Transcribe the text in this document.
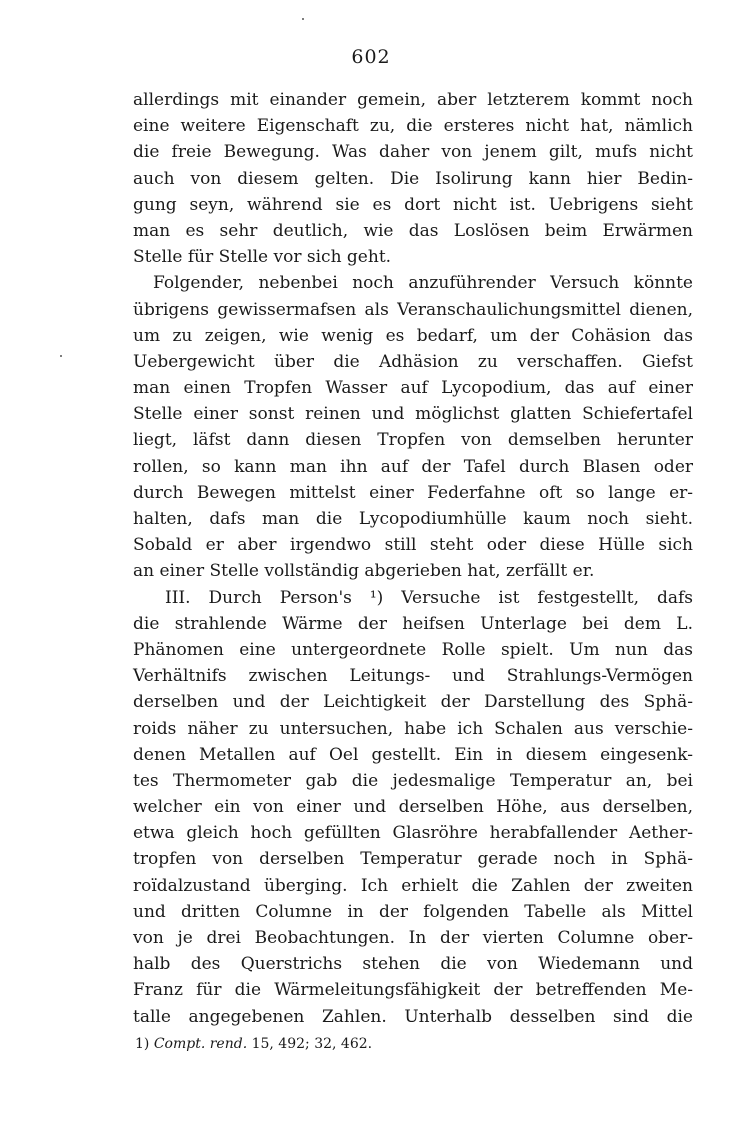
602
allerdings mit einander gemein, aber letzterem kommt noch
eine weitere Eigenschaft zu, die ersteres nicht hat, nämlich
die freie Bewegung. Was daher von jenem gilt, mufs nicht
auch von diesem gelten. Die Isolirung kann hier Bedin-
gung seyn, während sie es dort nicht ist. Uebrigens sieht
man es sehr deutlich, wie das Loslösen beim Erwärmen
Stelle für Stelle vor sich geht.
Folgender, nebenbei noch anzuführender Versuch könnte
übrigens gewissermafsen als Veranschaulichungsmittel dienen,
um zu zeigen, wie wenig es bedarf, um der Cohäsion das
Uebergewicht über die Adhäsion zu verschaffen. Giefst
man einen Tropfen Wasser auf Lycopodium, das auf einer
Stelle einer sonst reinen und möglichst glatten Schiefertafel
liegt, läfst dann diesen Tropfen von demselben herunter
rollen, so kann man ihn auf der Tafel durch Blasen oder
durch Bewegen mittelst einer Federfahne oft so lange er-
halten, dafs man die Lycopodiumhülle kaum noch sieht.
Sobald er aber irgendwo still steht oder diese Hülle sich
an einer Stelle vollständig abgerieben hat, zerfällt er.
III. Durch Person's ¹) Versuche ist festgestellt, dafs
die strahlende Wärme der heifsen Unterlage bei dem L.
Phänomen eine untergeordnete Rolle spielt. Um nun das
Verhältnifs zwischen Leitungs- und Strahlungs-Vermögen
derselben und der Leichtigkeit der Darstellung des Sphä-
roids näher zu untersuchen, habe ich Schalen aus verschie-
denen Metallen auf Oel gestellt. Ein in diesem eingesenk-
tes Thermometer gab die jedesmalige Temperatur an, bei
welcher ein von einer und derselben Höhe, aus derselben,
etwa gleich hoch gefüllten Glasröhre herabfallender Aether-
tropfen von derselben Temperatur gerade noch in Sphä-
roïdalzustand überging. Ich erhielt die Zahlen der zweiten
und dritten Columne in der folgenden Tabelle als Mittel
von je drei Beobachtungen. In der vierten Columne ober-
halb des Querstrichs stehen die von Wiedemann und
Franz für die Wärmeleitungsfähigkeit der betreffenden Me-
talle angegebenen Zahlen. Unterhalb desselben sind die
1) Compt. rend. 15, 492; 32, 462.
